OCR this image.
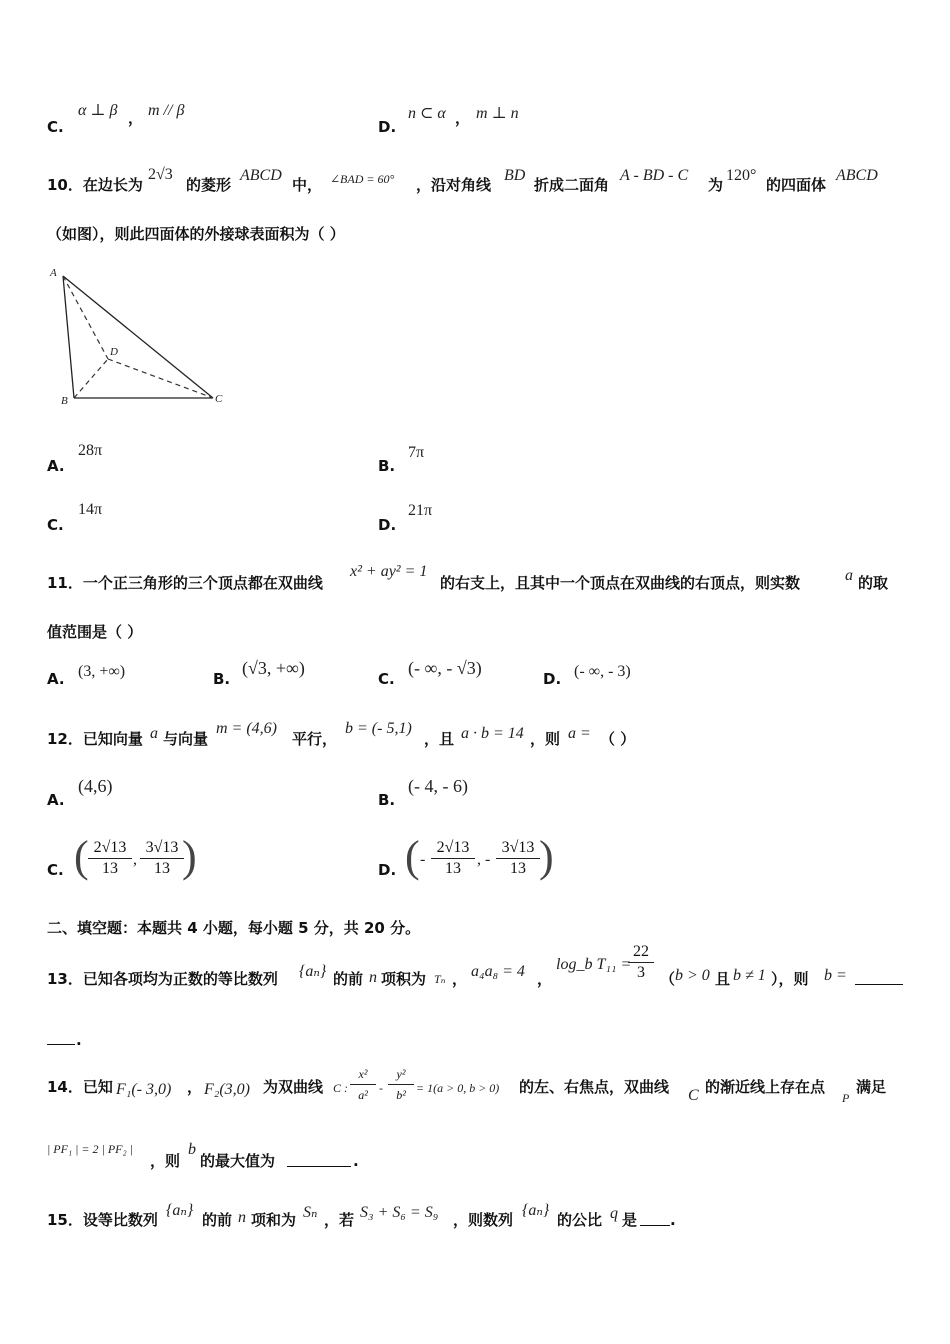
C.
α ⊥ β ， m // β
D.
n ⊂ α ， m ⊥ n
10．在边长为
2√3
的菱形
ABCD
中， ∠BAD = 60° ，沿对角线
BD
折成二面角
A - BD - C
为
120°
的四面体
ABCD
（如图），则此四面体的外接球表面积为（ ）
A
B	C
D
A.
28π
B.
7π
C.
14π
D.
21π
11．一个正三角形的三个顶点都在双曲线
x² + ay² = 1
的右支上，且其中一个顶点在双曲线的右顶点，则实数	a 的取
值范围是（ ）
A. (3, +∞)	B.
(√3, +∞)
C.
(- ∞, - √3)
D. (- ∞, - 3)
12．已知向量 a 与向量
m = (4,6)
平行，
b = (- 5,1)
，且 a · b = 14 ，则 a = （ ）
A.
(4,6)
B.
(- 4, - 6)
C. ( $\frac{2√13}{13}$ , $\frac{3√13}{13}$
)	D. ( - $\frac{2√13}{13}$ , - $\frac{3√13}{13}$ )
二、填空题：本题共 4 小题，每小题 5 分，共 20 分。
13．已知各项均为正数的等比数列 {aₙ} 的前 n 项积为 Tₙ ， a₄a₈ = 4 ，
log_b T₁₁ =
$\frac{22}{3}$ （ b > 0 且 b ≠ 1 ），则 b =
.
14．已知 F₁(- 3,0) ， F₂(3,0) 为双曲线 C : $\frac{\text{x²}}{\text{a²}} - \frac{\text{y²}}{\text{b²}} = 1(a > 0$, b > 0) 的左、右焦点，双曲线 C 的渐近线上存在点
P
满足
| PF₁ | = 2 | PF₂ |
，则
b
的最大值为	.
15．设等比数列
{aₙ}
的前 n 项和为 Sₙ ，若 S₃ + S₆ = S₉ ，则数列
{aₙ}
的公比 q 是 .
